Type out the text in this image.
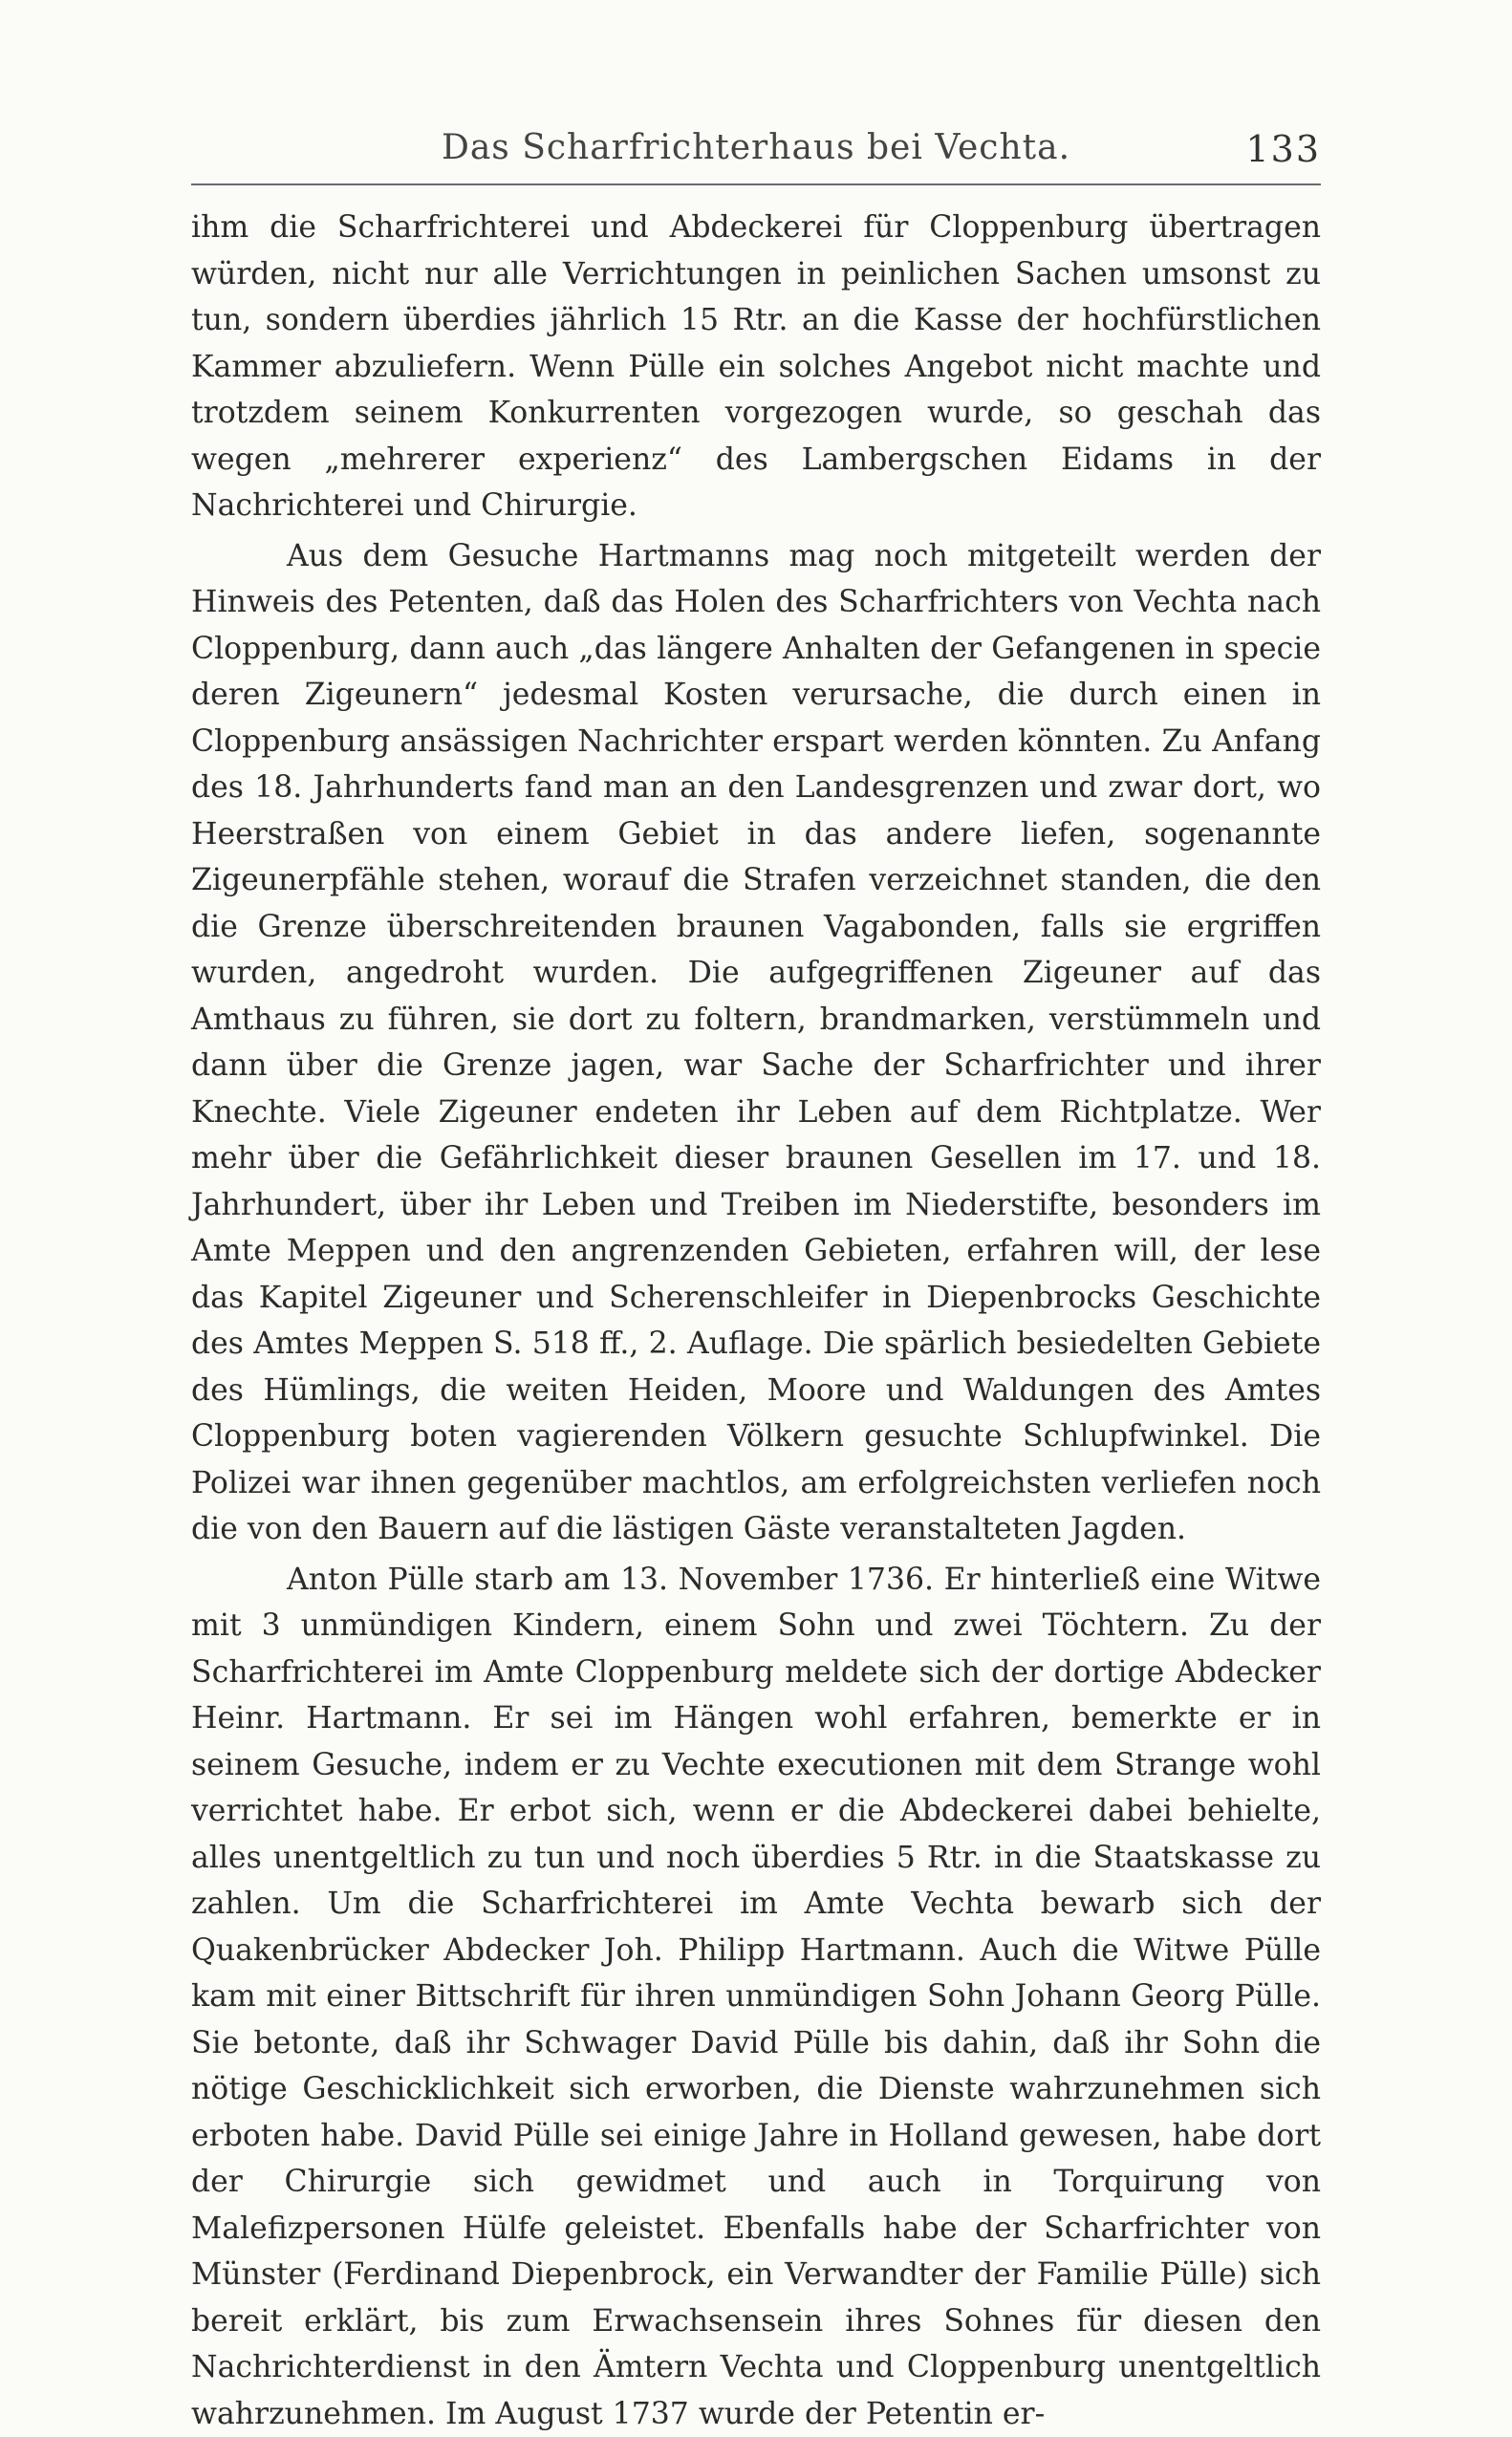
Das Scharfrichterhaus bei Vechta.	133

ihm die Scharfrichterei und Abdeckerei für Cloppenburg übertragen würden, nicht nur alle Verrichtungen in peinlichen Sachen umsonst zu tun, sondern überdies jährlich 15 Rtr. an die Kasse der hochfürstlichen Kammer abzuliefern. Wenn Pülle ein solches Angebot nicht machte und trotzdem seinem Konkurrenten vorgezogen wurde, so geschah das wegen „mehrerer experienz“ des Lambergschen Eidams in der Nachrichterei und Chirurgie.

Aus dem Gesuche Hartmanns mag noch mitgeteilt werden der Hinweis des Petenten, daß das Holen des Scharfrichters von Vechta nach Cloppenburg, dann auch „das längere Anhalten der Gefangenen in specie deren Zigeunern“ jedesmal Kosten verursache, die durch einen in Cloppenburg ansässigen Nachrichter erspart werden könnten. Zu Anfang des 18. Jahrhunderts fand man an den Landesgrenzen und zwar dort, wo Heerstraßen von einem Gebiet in das andere liefen, sogenannte Zigeunerpfähle stehen, worauf die Strafen verzeichnet standen, die den die Grenze überschreitenden braunen Vagabonden, falls sie ergriffen wurden, angedroht wurden. Die aufgegriffenen Zigeuner auf das Amthaus zu führen, sie dort zu foltern, brandmarken, verstümmeln und dann über die Grenze jagen, war Sache der Scharfrichter und ihrer Knechte. Viele Zigeuner endeten ihr Leben auf dem Richtplatze. Wer mehr über die Gefährlichkeit dieser braunen Gesellen im 17. und 18. Jahrhundert, über ihr Leben und Treiben im Niederstifte, besonders im Amte Meppen und den angrenzenden Gebieten, erfahren will, der lese das Kapitel Zigeuner und Scherenschleifer in Diepenbrocks Geschichte des Amtes Meppen S. 518 ff., 2. Auflage. Die spärlich besiedelten Gebiete des Hümlings, die weiten Heiden, Moore und Waldungen des Amtes Cloppenburg boten vagierenden Völkern gesuchte Schlupfwinkel. Die Polizei war ihnen gegenüber machtlos, am erfolgreichsten verliefen noch die von den Bauern auf die lästigen Gäste veranstalteten Jagden.

Anton Pülle starb am 13. November 1736. Er hinterließ eine Witwe mit 3 unmündigen Kindern, einem Sohn und zwei Töchtern. Zu der Scharfrichterei im Amte Cloppenburg meldete sich der dortige Abdecker Heinr. Hartmann. Er sei im Hängen wohl erfahren, bemerkte er in seinem Gesuche, indem er zu Vechte executionen mit dem Strange wohl verrichtet habe. Er erbot sich, wenn er die Abdeckerei dabei behielte, alles unentgeltlich zu tun und noch überdies 5 Rtr. in die Staatskasse zu zahlen. Um die Scharfrichterei im Amte Vechta bewarb sich der Quakenbrücker Abdecker Joh. Philipp Hartmann. Auch die Witwe Pülle kam mit einer Bittschrift für ihren unmündigen Sohn Johann Georg Pülle. Sie betonte, daß ihr Schwager David Pülle bis dahin, daß ihr Sohn die nötige Geschicklichkeit sich erworben, die Dienste wahrzunehmen sich erboten habe. David Pülle sei einige Jahre in Holland gewesen, habe dort der Chirurgie sich gewidmet und auch in Torquirung von Malefizpersonen Hülfe geleistet. Ebenfalls habe der Scharfrichter von Münster (Ferdinand Diepenbrock, ein Verwandter der Familie Pülle) sich bereit erklärt, bis zum Erwachsensein ihres Sohnes für diesen den Nachrichterdienst in den Ämtern Vechta und Cloppenburg unentgeltlich wahrzunehmen. Im August 1737 wurde der Petentin er-
